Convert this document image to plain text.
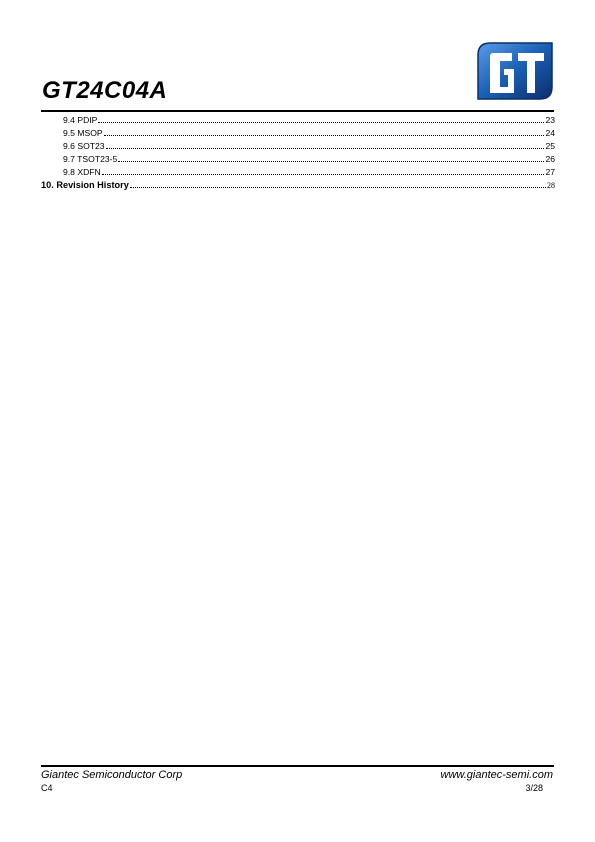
GT24C04A
9.4 PDIP	23
9.5 MSOP	24
9.6 SOT23	25
9.7 TSOT23-5	26
9.8 XDFN	27
10. Revision History	28
Giantec Semiconductor Corp	www.giantec-semi.com
C4	3/28
